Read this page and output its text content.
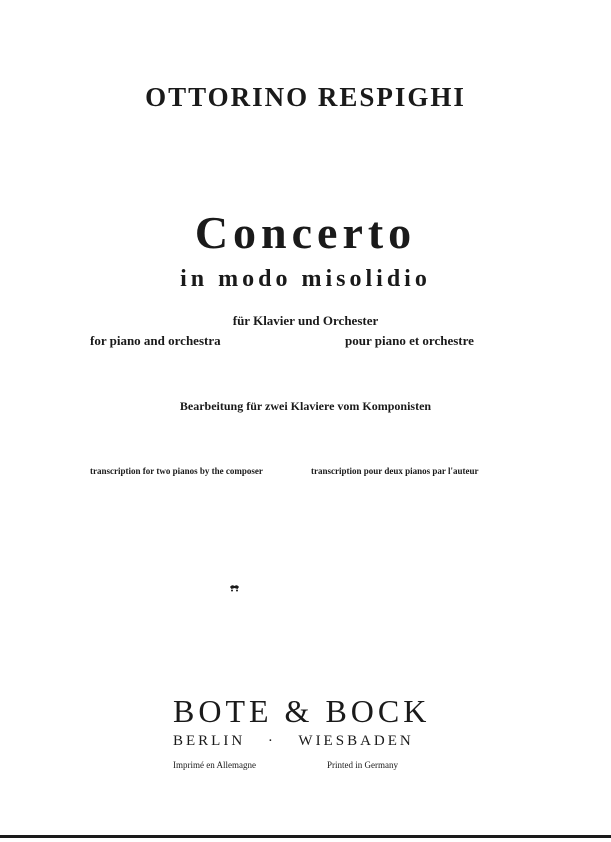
OTTORINO RESPIGHI
Concerto
in modo misolidio
für Klavier und Orchester
for piano and orchestra	pour piano et orchestre
Bearbeitung für zwei Klaviere vom Komponisten
transcription for two pianos by the composer	transcription pour deux pianos par l'auteur
BOTE & BOCK
BERLIN · WIESBADEN
Imprimé en Allemagne	Printed in Germany
